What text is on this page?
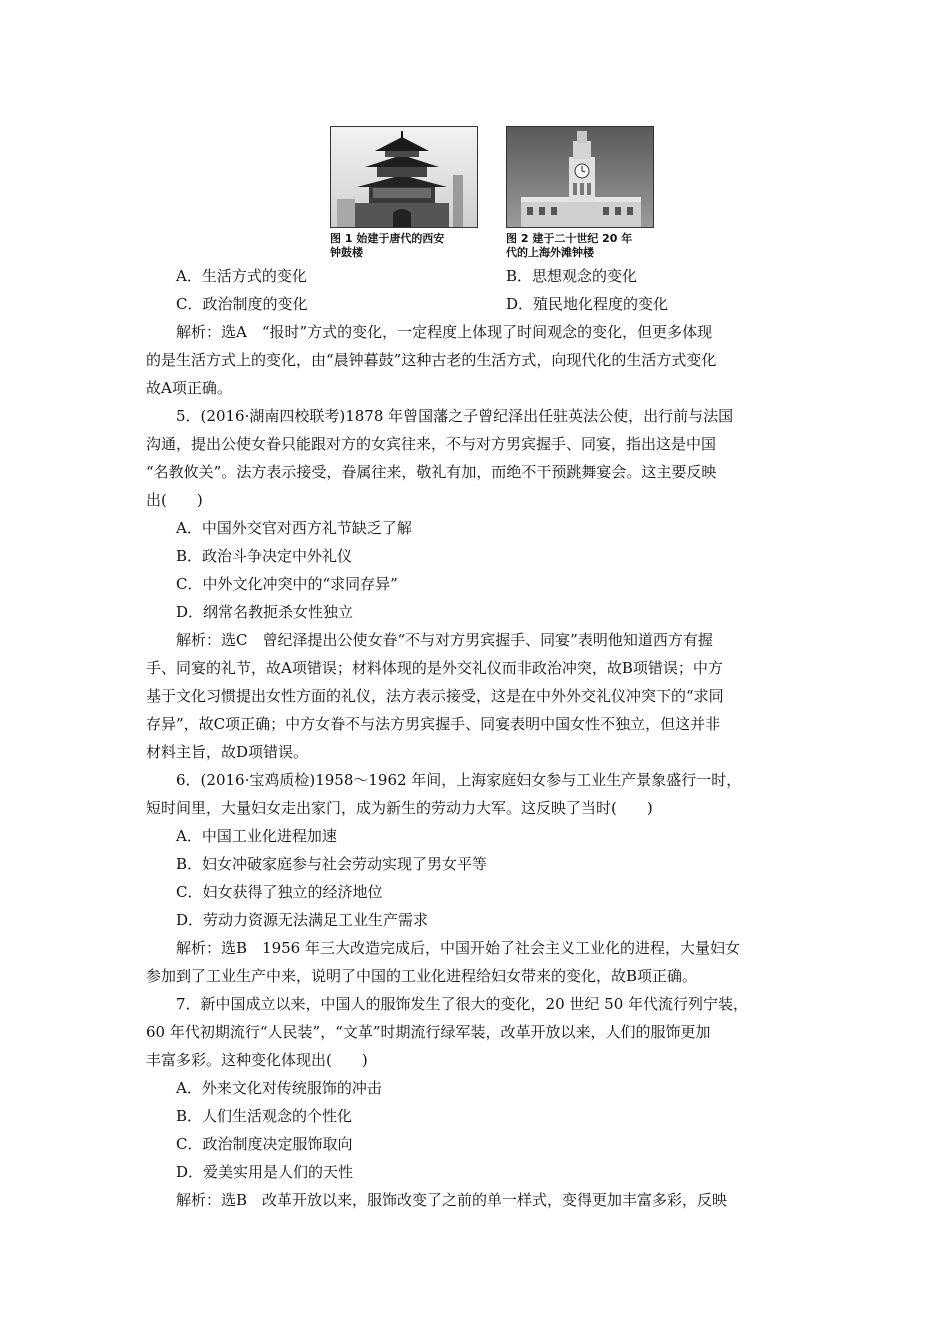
图 1 始建于唐代的西安
钟鼓楼
图 2 建于二十世纪 20 年
代的上海外滩钟楼
A．生活方式的变化	B．思想观念的变化
C．政治制度的变化	D．殖民地化程度的变化
解析：选A　“报时”方式的变化，一定程度上体现了时间观念的变化，但更多体现
的是生活方式上的变化，由“晨钟暮鼓”这种古老的生活方式，向现代化的生活方式变化
故A项正确。
5．(2016·湖南四校联考)1878 年曾国藩之子曾纪泽出任驻英法公使，出行前与法国
沟通，提出公使女眷只能跟对方的女宾往来，不与对方男宾握手、同宴，指出这是中国
“名教攸关”。法方表示接受，眷属往来，敬礼有加，而绝不干预跳舞宴会。这主要反映
出(　　)
A．中国外交官对西方礼节缺乏了解
B．政治斗争决定中外礼仪
C．中外文化冲突中的“求同存异”
D．纲常名教扼杀女性独立
解析：选C　曾纪泽提出公使女眷“不与对方男宾握手、同宴”表明他知道西方有握
手、同宴的礼节，故A项错误；材料体现的是外交礼仪而非政治冲突，故B项错误；中方
基于文化习惯提出女性方面的礼仪，法方表示接受，这是在中外外交礼仪冲突下的“求同
存异”，故C项正确；中方女眷不与法方男宾握手、同宴表明中国女性不独立，但这并非
材料主旨，故D项错误。
6．(2016·宝鸡质检)1958～1962 年间，上海家庭妇女参与工业生产景象盛行一时，
短时间里，大量妇女走出家门，成为新生的劳动力大军。这反映了当时(　　)
A．中国工业化进程加速
B．妇女冲破家庭参与社会劳动实现了男女平等
C．妇女获得了独立的经济地位
D．劳动力资源无法满足工业生产需求
解析：选B　1956 年三大改造完成后，中国开始了社会主义工业化的进程，大量妇女
参加到了工业生产中来，说明了中国的工业化进程给妇女带来的变化，故B项正确。
7．新中国成立以来，中国人的服饰发生了很大的变化，20 世纪 50 年代流行列宁装，
60 年代初期流行“人民装”，“文革”时期流行绿军装，改革开放以来，人们的服饰更加
丰富多彩。这种变化体现出(　　)
A．外来文化对传统服饰的冲击
B．人们生活观念的个性化
C．政治制度决定服饰取向
D．爱美实用是人们的天性
解析：选B　改革开放以来，服饰改变了之前的单一样式，变得更加丰富多彩，反映
